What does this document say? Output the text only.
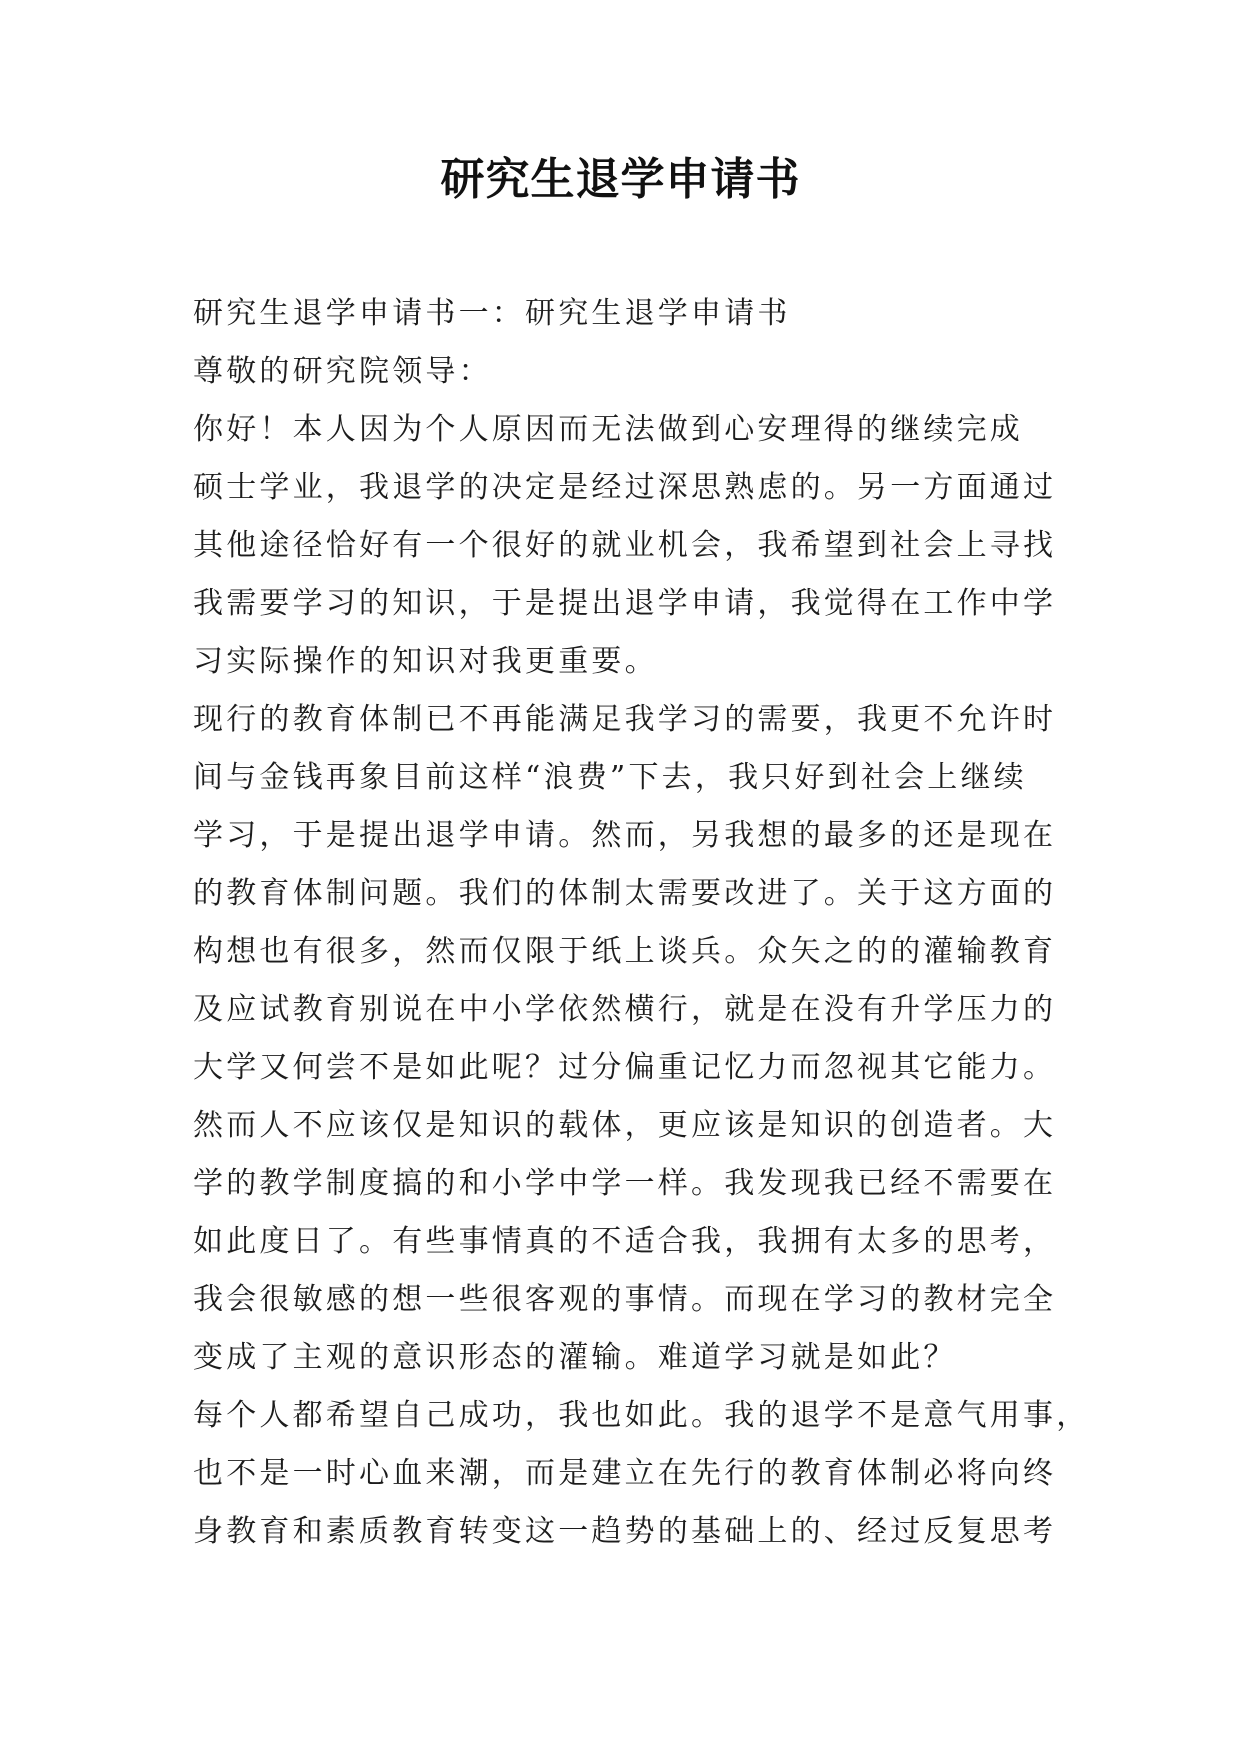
研究生退学申请书
研究生退学申请书一：研究生退学申请书
尊敬的研究院领导：
你好！本人因为个人原因而无法做到心安理得的继续完成
硕士学业，我退学的决定是经过深思熟虑的。另一方面通过
其他途径恰好有一个很好的就业机会，我希望到社会上寻找
我需要学习的知识，于是提出退学申请，我觉得在工作中学
习实际操作的知识对我更重要。
现行的教育体制已不再能满足我学习的需要，我更不允许时
间与金钱再象目前这样“浪费”下去，我只好到社会上继续
学习，于是提出退学申请。然而，另我想的最多的还是现在
的教育体制问题。我们的体制太需要改进了。关于这方面的
构想也有很多，然而仅限于纸上谈兵。众矢之的的灌输教育
及应试教育别说在中小学依然横行，就是在没有升学压力的
大学又何尝不是如此呢？过分偏重记忆力而忽视其它能力。
然而人不应该仅是知识的载体，更应该是知识的创造者。大
学的教学制度搞的和小学中学一样。我发现我已经不需要在
如此度日了。有些事情真的不适合我，我拥有太多的思考，
我会很敏感的想一些很客观的事情。而现在学习的教材完全
变成了主观的意识形态的灌输。难道学习就是如此？
每个人都希望自己成功，我也如此。我的退学不是意气用事，
也不是一时心血来潮，而是建立在先行的教育体制必将向终
身教育和素质教育转变这一趋势的基础上的、经过反复思考
